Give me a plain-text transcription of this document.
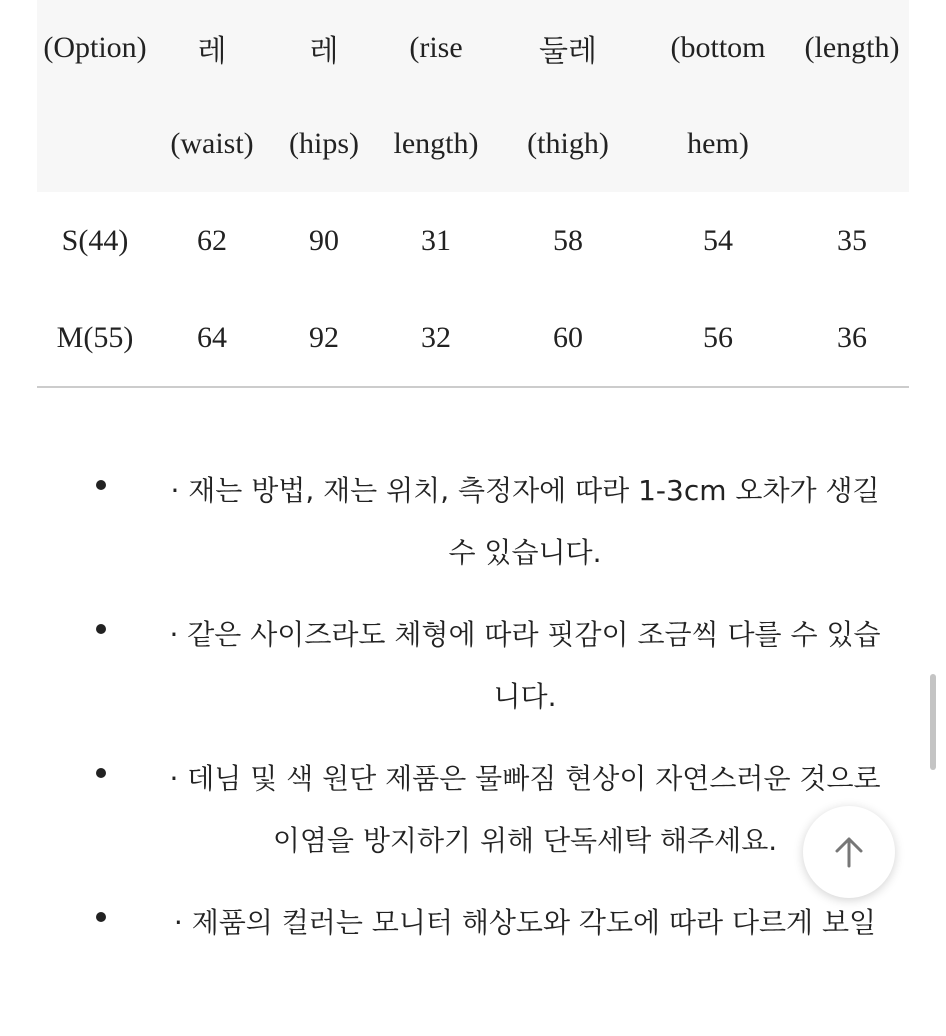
(Option)	레	레	(rise	둘레	(bottom	(length)
	(waist)	(hips)	length)	(thigh)	hem)	
S(44)	62	90	31	58	54	35
M(55)	64	92	32	60	56	36
· 재는 방법, 재는 위치, 측정자에 따라 1-3cm 오차가 생길
수 있습니다.
· 같은 사이즈라도 체형에 따라 핏감이 조금씩 다를 수 있습
니다.
· 데님 및 색 원단 제품은 물빠짐 현상이 자연스러운 것으로
이염을 방지하기 위해 단독세탁 해주세요.
· 제품의 컬러는 모니터 해상도와 각도에 따라 다르게 보일
